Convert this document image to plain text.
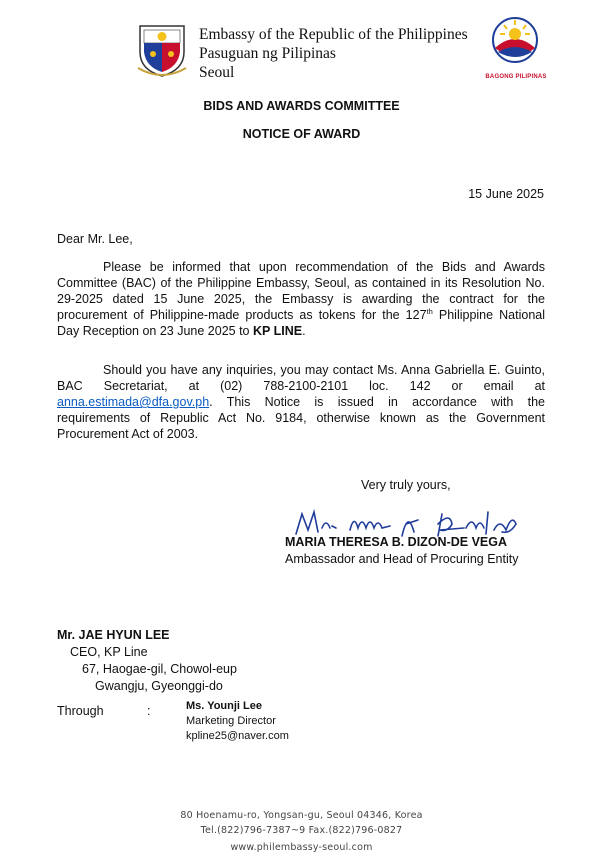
Embassy of the Republic of the Philippines
Pasuguan ng Pilipinas
Seoul	BAGONG PILIPINAS
BIDS AND AWARDS COMMITTEE
NOTICE OF AWARD
15 June 2025
Dear Mr. Lee,
Please be informed that upon recommendation of the Bids and Awards
Committee (BAC) of the Philippine Embassy, Seoul, as contained in its Resolution No.
29-2025 dated 15 June 2025, the Embassy is awarding the contract for the
procurement of Philippine-made products as tokens for the 127th Philippine National
Day Reception on 23 June 2025 to KP LINE.
Should you have any inquiries, you may contact Ms. Anna Gabriella E. Guinto,
BAC Secretariat, at (02) 788-2100-2101 loc. 142 or email at
anna.estimada@dfa.gov.ph. This Notice is issued in accordance with the
requirements of Republic Act No. 9184, otherwise known as the Government
Procurement Act of 2003.
Very truly yours,
MARIA THERESA B. DIZON-DE VEGA
Ambassador and Head of Procuring Entity
Mr. JAE HYUN LEE
CEO, KP Line
67, Haogae-gil, Chowol-eup
Gwangju, Gyeonggi-do
Through	:	Ms. Younji Lee
Marketing Director
kpline25@naver.com
80 Hoenamu-ro, Yongsan-gu, Seoul 04346, Korea
Tel.(822)796-7387~9 Fax.(822)796-0827
www.philembassy-seoul.com
